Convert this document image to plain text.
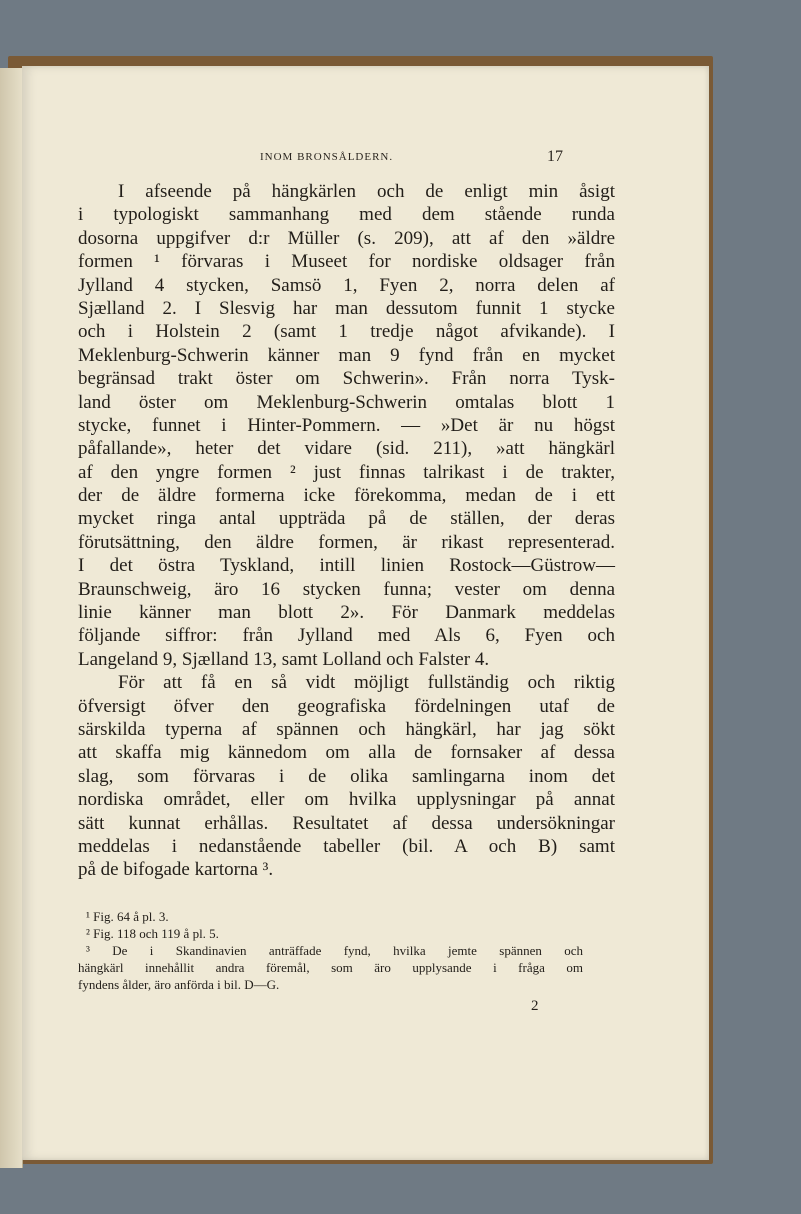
INOM BRONSÅLDERN.	17
I afseende på hängkärlen och de enligt min åsigt
i typologiskt sammanhang med dem stående runda
dosorna uppgifver d:r Müller (s. 209), att af den »äldre
formen ¹ förvaras i Museet for nordiske oldsager från
Jylland 4 stycken, Samsö 1, Fyen 2, norra delen af
Sjælland 2. I Slesvig har man dessutom funnit 1 stycke
och i Holstein 2 (samt 1 tredje något afvikande). I
Meklenburg-Schwerin känner man 9 fynd från en mycket
begränsad trakt öster om Schwerin». Från norra Tysk-
land öster om Meklenburg-Schwerin omtalas blott 1
stycke, funnet i Hinter-Pommern. — »Det är nu högst
påfallande», heter det vidare (sid. 211), »att hängkärl
af den yngre formen ² just finnas talrikast i de trakter,
der de äldre formerna icke förekomma, medan de i ett
mycket ringa antal uppträda på de ställen, der deras
förutsättning, den äldre formen, är rikast representerad.
I det östra Tyskland, intill linien Rostock—Güstrow—
Braunschweig, äro 16 stycken funna; vester om denna
linie känner man blott 2». För Danmark meddelas
följande siffror: från Jylland med Als 6, Fyen och
Langeland 9, Sjælland 13, samt Lolland och Falster 4.
För att få en så vidt möjligt fullständig och riktig
öfversigt öfver den geografiska fördelningen utaf de
särskilda typerna af spännen och hängkärl, har jag sökt
att skaffa mig kännedom om alla de fornsaker af dessa
slag, som förvaras i de olika samlingarna inom det
nordiska området, eller om hvilka upplysningar på annat
sätt kunnat erhållas. Resultatet af dessa undersökningar
meddelas i nedanstående tabeller (bil. A och B) samt
på de bifogade kartorna ³.
¹ Fig. 64 å pl. 3.
² Fig. 118 och 119 å pl. 5.
³ De i Skandinavien anträffade fynd, hvilka jemte spännen och
hängkärl innehållit andra föremål, som äro upplysande i fråga om
fyndens ålder, äro anförda i bil. D—G.
2
